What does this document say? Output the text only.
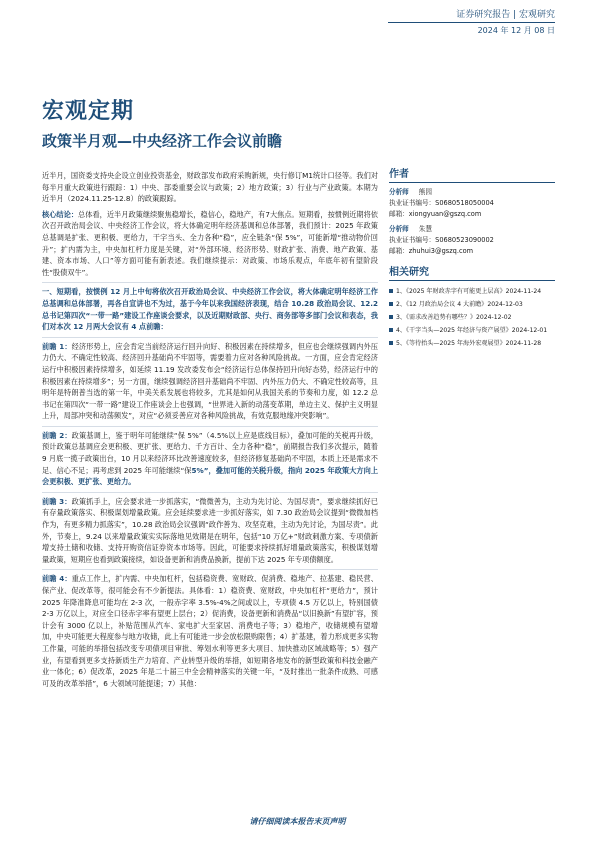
证券研究报告 | 宏观研究
2024 年 12 月 08 日
宏观定期
政策半月观—中央经济工作会议前瞻

近半月，国资委支持央企设立创业投资基金，财政部发布政府采购新规，央行修订M1统计口径等。我们对每半月重大政策进行跟踪：1）中央、部委重要会议与政策；2）地方政策；3）行业与产业政策。本期为近半月（2024.11.25-12.8）的政策跟踪。

核心结论：总体看，近半月政策继续聚焦稳增长，稳信心，稳地产，有7大焦点。短期看，按惯例近期将依次召开政治局会议、中央经济工作会议，将大体确定明年经济基调和总体部署，我们预计：2025 年政策总基调是扩张、更积极、更给力，干字当头、全力各种“稳”，应全链条“保 5%”，可能新增“推动物价回升”；扩内需为主，中央加杠杆力度是关键，对“外部环境、经济形势、财政扩张、消费、地产政策、基建、资本市场、人口”等方面可能有新表述。我们继续提示：对政策、市场乐观点，年底年初有望阶段性“股债双牛”。

一、短期看，按惯例 12 月上中旬将依次召开政治局会议、中央经济工作会议，将大体确定明年经济工作总基调和总体部署，再各自宣讲也不为过，基于今年以来我国经济表现，结合 10.28 政治局会议、12.2 总书记第四次“一带一路”建设工作座谈会要求，以及近期财政部、央行、商务部等多部门会议和表态，我们对本次 12 月两大会议有 4 点前瞻：

前瞻 1：经济形势上，应会肯定当前经济运行回升向好、积极因素在持续增多，但应也会继续强调内外压力仍大、不确定性较高、经济回升基础尚不牢固等，需要着力应对各种风险挑战。一方面，应会肯定经济运行中积极因素持续增多，如延续 11.19 发改委发布会“经济运行总体保持回升向好态势，经济运行中的积极因素在持续增多”；另一方面，继续强调经济回升基础尚不牢固、内外压力仍大、不确定性较高等，且明年是特朗普当选的第一年，中美关系发展也将较多，尤其是如何从我国关系的节奏和力度，如 12.2 总书记在第四次“一带一路”建设工作座谈会上也强调，“世界进入新的动荡变革期，单边主义、保护主义明显上升，局部冲突和动荡频发”，对应“必须妥善应对各种风险挑战，有效克服地缘冲突影响”。

前瞻 2：政策基调上，鉴于明年可能继续“保 5%”（4.5%以上应是底线目标），叠加可能的关税再升级，预计政策总基调应会更积极、更扩张、更给力、千方百计、全力各种“稳”，前期报告我们多次提示，随着 9 月底一揽子政策出台，10 月以来经济环比改善速度较多，但经济修复基础尚不牢固，本质上还是需求不足、信心不足；再考虑到 2025 年可能继续“保5%”，叠加可能的关税升级，指向 2025 年政策大方向上会更积极、更扩张、更给力。

前瞻 3：政策抓手上，应会要求进一步抓落实，“微微善为，主动为先讨论、为国尽责”，要求继续抓好已有存量政策落实、积极谋划增量政策。应会延续要求进一步抓好落实，如 7.30 政治局会议提到“微微加档作为，有更多精力抓落实”，10.28 政治局会议强调“政作善为、攻坚克难，主动为先讨论，为国尽责”。此外，节奏上，9.24 以来增量政策实实际落地见效期是在明年，包括“10 万亿+”财政刺激方案、专项债新增支持土储和收储、支持开购资信证券资本市场等。因此，可能要求持续抓好增量政策落实，积极谋划增量政策，短期应也看到政策接续，如设备更新和消费品换新，提前下达 2025 年专项债额度。

前瞻 4：重点工作上，扩内需、中央加杠杆，包括稳资费、宽财政、促消费、稳地产、拉基建、稳民营、保产业、促改革等，很可能会有不少新提法。具体看：1）稳资费、宽财政，中央加杠杆“更给力”，预计 2025 年降准降息可能均在 2-3 次，一般赤字率 3.5%-4%之间或以上，专项债 4.5 万亿以上，特别国债 2-3 万亿以上，对应全口径赤字率有望更上层台；2）促消费，设备更新和消费品“以旧换新”有望扩容，预计会有 3000 亿以上，补贴范围从汽车、家电扩大至家居、消费电子等；3）稳地产，收储规模有望增加，中央可能更大程度参与地方收储，此上有可能进一步会放松限购限售；4）扩基建，着力形成更多实物工作量，可能的举措包括改变专项债项目审批、筹划水利等更多大项目、加快推动区域战略等；5）强产业，有望看到更多支持新质生产力培育、产业转型升级的举措，如短期各地发布的新型政策和科技金融产业一体化；6）促改革，2025 年是二十届三中全会精神落实的关键一年，“及时推出一批条件成熟、可感可及的改革举措”，6 大领域可能提速；7）其他：

作者
分析师 熊园
执业证书编号：S0680518050004
邮箱：xiongyuan@gszq.com
分析师 朱慧
执业证书编号：S0680523090002
邮箱：zhuhui3@gszq.com
相关研究
1、《2025 年财政赤字有可能更上层高》2024-11-24
2、《12 月政治局会议 4 大前瞻》2024-12-03
3、《需求改善趋势有哪些？》2024-12-02
4、《干字当头—2025 年经济与资产展望》2024-12-01
5、《等待抬头—2025 年海外宏观展望》2024-11-28
请仔细阅读本报告末页声明
